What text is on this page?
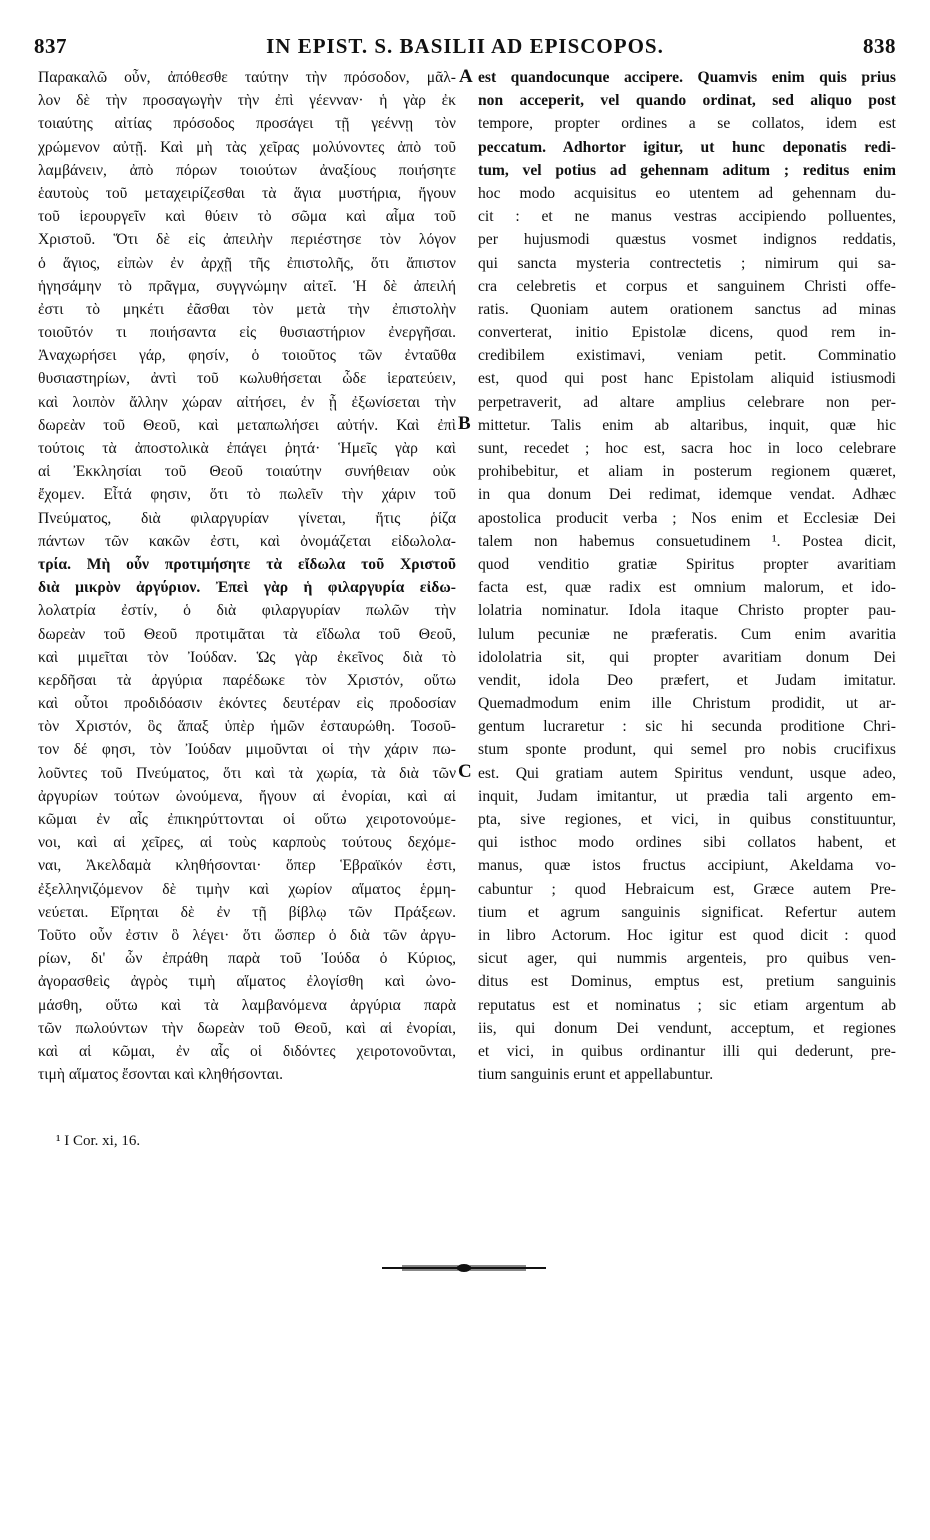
837	IN EPIST. S. BASILII AD EPISCOPOS.	838
A
B
C
Παρακαλῶ οὖν, ἀπόθεσθε ταύτην τὴν πρόσοδον, μᾶλ-
λον δὲ τὴν προσαγωγὴν τὴν ἐπὶ γέενναν· ἡ γὰρ ἐκ
τοιαύτης αἰτίας πρόσοδος προσάγει τῇ γεέννῃ τὸν
χρώμενον αὐτῇ. Καὶ μὴ τὰς χεῖρας μολύνοντες ἀπὸ τοῦ
λαμβάνειν, ἀπὸ πόρων τοιούτων ἀναξίους ποιήσητε
ἑαυτοὺς τοῦ μεταχειρίζεσθαι τὰ ἅγια μυστήρια, ἤγουν
τοῦ ἱερουργεῖν καὶ θύειν τὸ σῶμα καὶ αἷμα τοῦ
Χριστοῦ. Ὅτι δὲ εἰς ἀπειλὴν περιέστησε τὸν λόγον
ὁ ἅγιος, εἰπὼν ἐν ἀρχῇ τῆς ἐπιστολῆς, ὅτι ἄπιστον
ἡγησάμην τὸ πρᾶγμα, συγγνώμην αἰτεῖ. Ἡ δὲ ἀπειλή
ἐστι τὸ μηκέτι ἐᾶσθαι τὸν μετὰ τὴν ἐπιστολὴν
τοιοῦτόν τι ποιήσαντα εἰς θυσιαστήριον ἐνεργῆσαι.
Ἀναχωρήσει γάρ, φησίν, ὁ τοιοῦτος τῶν ἐνταῦθα
θυσιαστηρίων, ἀντὶ τοῦ κωλυθήσεται ὧδε ἱερατεύειν,
καὶ λοιπὸν ἄλλην χώραν αἰτήσει, ἐν ᾗ ἐξωνίσεται τὴν
δωρεὰν τοῦ Θεοῦ, καὶ μεταπωλήσει αὐτήν. Καὶ ἐπὶ
τούτοις τὰ ἀποστολικὰ ἐπάγει ῥητά· Ἡμεῖς γὰρ καὶ
αἱ Ἐκκλησίαι τοῦ Θεοῦ τοιαύτην συνήθειαν οὐκ
ἔχομεν. Εἶτά φησιν, ὅτι τὸ πωλεῖν τὴν χάριν τοῦ
Πνεύματος, διὰ φιλαργυρίαν γίνεται, ἥτις ῥίζα
πάντων τῶν κακῶν ἐστι, καὶ ὀνομάζεται εἰδωλολα-
τρία. Μὴ οὖν προτιμήσητε τὰ εἴδωλα τοῦ Χριστοῦ
διὰ μικρὸν ἀργύριον. Ἐπεὶ γὰρ ἡ φιλαργυρία εἰδω-
λολατρία ἐστίν, ὁ διὰ φιλαργυρίαν πωλῶν τὴν
δωρεὰν τοῦ Θεοῦ προτιμᾶται τὰ εἴδωλα τοῦ Θεοῦ,
καὶ μιμεῖται τὸν Ἰούδαν. Ὡς γὰρ ἐκεῖνος διὰ τὸ
κερδῆσαι τὰ ἀργύρια παρέδωκε τὸν Χριστόν, οὕτω
καὶ οὗτοι προδιδόασιν ἑκόντες δευτέραν εἰς προδοσίαν
τὸν Χριστόν, ὃς ἅπαξ ὑπὲρ ἡμῶν ἐσταυρώθη. Τοσοῦ-
τον δέ φησι, τὸν Ἰούδαν μιμοῦνται οἱ τὴν χάριν πω-
λοῦντες τοῦ Πνεύματος, ὅτι καὶ τὰ χωρία, τὰ διὰ τῶν
ἀργυρίων τούτων ὠνούμενα, ἤγουν αἱ ἐνορίαι, καὶ αἱ
κῶμαι ἐν αἷς ἐπικηρύττονται οἱ οὕτω χειροτονούμε-
νοι, καὶ αἱ χεῖρες, αἱ τοὺς καρποὺς τούτους δεχόμε-
ναι, Ἀκελδαμὰ κληθήσονται· ὅπερ Ἑβραϊκόν ἐστι,
ἐξελληνιζόμενον δὲ τιμὴν καὶ χωρίον αἵματος ἑρμη-
νεύεται. Εἴρηται δὲ ἐν τῇ βίβλῳ τῶν Πράξεων.
Τοῦτο οὖν ἐστιν ὃ λέγει· ὅτι ὥσπερ ὁ διὰ τῶν ἀργυ-
ρίων, δι' ὧν ἐπράθη παρὰ τοῦ Ἰούδα ὁ Κύριος,
ἀγορασθεὶς ἀγρὸς τιμὴ αἵματος ἐλογίσθη καὶ ὠνο-
μάσθη, οὕτω καὶ τὰ λαμβανόμενα ἀργύρια παρὰ
τῶν πωλούντων τὴν δωρεὰν τοῦ Θεοῦ, καὶ αἱ ἐνορίαι,
καὶ αἱ κῶμαι, ἐν αἷς οἱ διδόντες χειροτονοῦνται,
τιμὴ αἵματος ἔσονται καὶ κληθήσονται.
est quandocunque accipere. Quamvis enim quis prius
non acceperit, vel quando ordinat, sed aliquo post
tempore, propter ordines a se collatos, idem est
peccatum. Adhortor igitur, ut hunc deponatis redi-
tum, vel potius ad gehennam aditum ; reditus enim
hoc modo acquisitus eo utentem ad gehennam du-
cit : et ne manus vestras accipiendo polluentes,
per hujusmodi quæstus vosmet indignos reddatis,
qui sancta mysteria contrectetis ; nimirum qui sa-
cra celebretis et corpus et sanguinem Christi offe-
ratis. Quoniam autem orationem sanctus ad minas
converterat, initio Epistolæ dicens, quod rem in-
credibilem existimavi, veniam petit. Comminatio
est, quod qui post hanc Epistolam aliquid istiusmodi
perpetraverit, ad altare amplius celebrare non per-
mittetur. Talis enim ab altaribus, inquit, quæ hic
sunt, recedet ; hoc est, sacra hoc in loco celebrare
prohibebitur, et aliam in posterum regionem quæret,
in qua donum Dei redimat, idemque vendat. Adhæc
apostolica producit verba ; Nos enim et Ecclesiæ Dei
talem non habemus consuetudinem ¹. Postea dicit,
quod venditio gratiæ Spiritus propter avaritiam
facta est, quæ radix est omnium malorum, et ido-
lolatria nominatur. Idola itaque Christo propter pau-
lulum pecuniæ ne præferatis. Cum enim avaritia
idololatria sit, qui propter avaritiam donum Dei
vendit, idola Deo præfert, et Judam imitatur.
Quemadmodum enim ille Christum prodidit, ut ar-
gentum lucraretur : sic hi secunda proditione Chri-
stum sponte produnt, qui semel pro nobis crucifixus
est. Qui gratiam autem Spiritus vendunt, usque adeo,
inquit, Judam imitantur, ut prædia tali argento em-
pta, sive regiones, et vici, in quibus constituuntur,
qui isthoc modo ordines sibi collatos habent, et
manus, quæ istos fructus accipiunt, Akeldama vo-
cabuntur ; quod Hebraicum est, Græce autem Pre-
tium et agrum sanguinis significat. Refertur autem
in libro Actorum. Hoc igitur est quod dicit : quod
sicut ager, qui nummis argenteis, pro quibus ven-
ditus est Dominus, emptus est, pretium sanguinis
reputatus est et nominatus ; sic etiam argentum ab
iis, qui donum Dei vendunt, acceptum, et regiones
et vici, in quibus ordinantur illi qui dederunt, pre-
tium sanguinis erunt et appellabuntur.
¹ I Cor. xi, 16.
